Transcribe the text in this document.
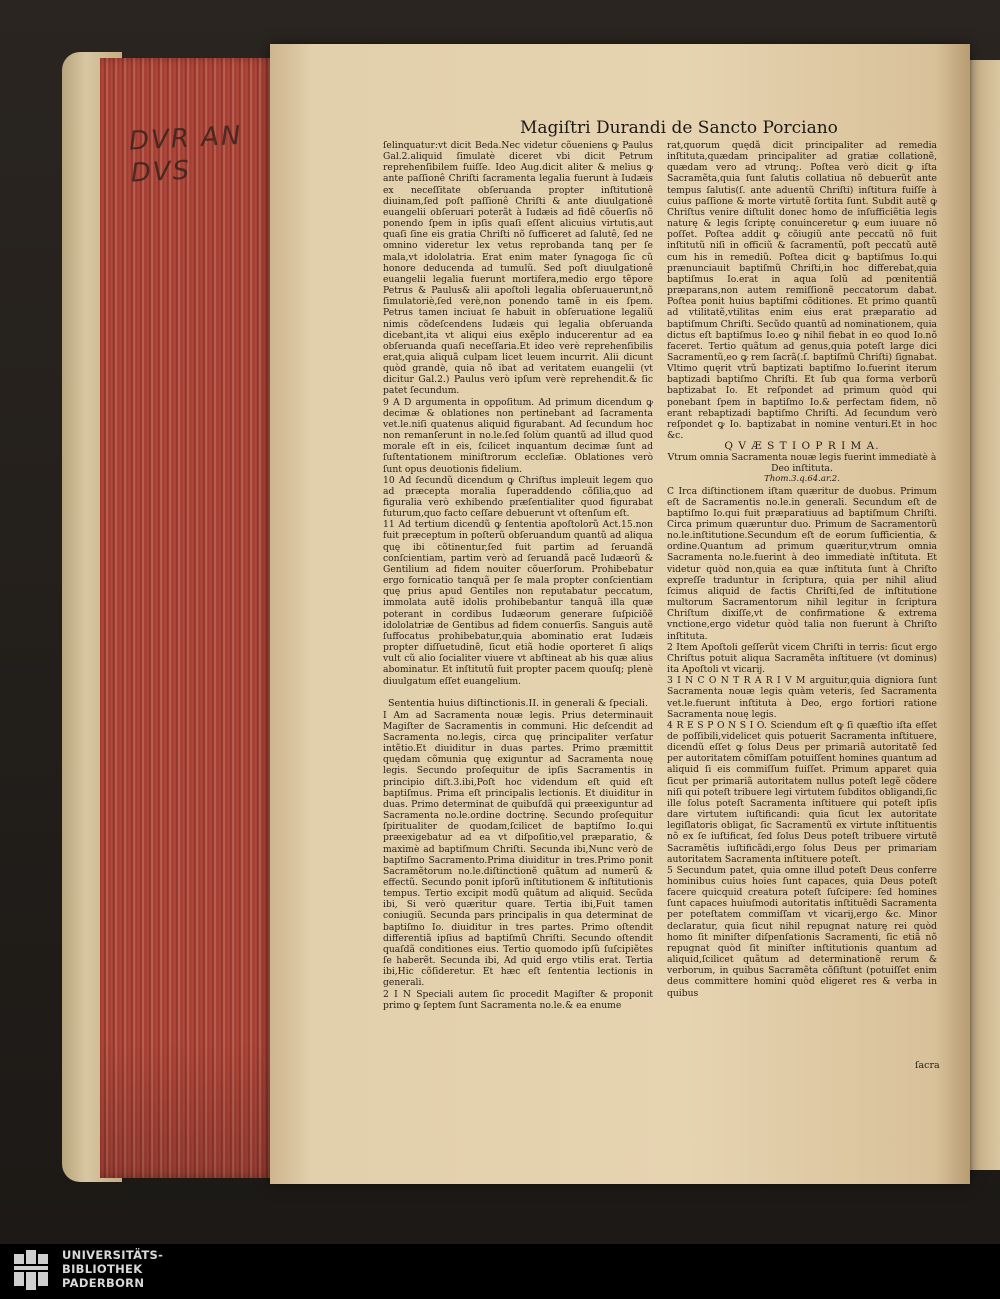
DVR AN DVS
Magiſtri Durandi de Sancto Porciano

ſelinquatur:vt dicit Beda.Nec videtur cõueniens ꝙ Paulus Gal.2.aliquid ſimulatè diceret vbi dicit Petrum reprehenſibilem fuiſſe. Ideo Aug.dicit aliter & melius ꝙ ante paſſionê Chriſti ſacramenta legalia fuerunt à Iudæis ex neceſſitate obſeruanda propter inſtitutionê diuinam,ſed poſt paſſionê Chriſti & ante diuulgationê euangelii obſeruari poterãt à Iudæis ad fidê cõuerſis nõ ponendo ſpem in ipſis quaſi eſſent alicuius virtutis,aut quaſi ſine eis gratia Chriſti nõ ſufficeret ad ſalutê, ſed ne omnino videretur lex vetus reprobanda tanꝗ per ſe mala,vt idololatria. Erat enim mater ſynagoga ſic cũ honore deducenda ad tumulũ. Sed poſt diuulgationê euangelii legalia fuerunt mortifera,medio ergo tẽpore Petrus & Paulus& alii apoſtoli legalia obſeruauerunt,nõ ſimulatoriè,ſed verè,non ponendo tamẽ in eis ſpem. Petrus tamen inciuat ſe habuit in obſeruatione legaliũ nimis cõdeſcendens Iudæis qui legalia obſeruanda dicebant,ita vt aliqui eius exẽplo inducerentur ad ea obſeruanda quaſi neceſſaria.Et ideo verè reprehenſibilis erat,quia aliquã culpam licet leuem incurrit. Alii dicunt quòd grandè, quia nõ ibat ad veritatem euangelii (vt dicitur Gal.2.) Paulus verò ipſum verè reprehendit.& ſic patet ſecundum.

9 A D argumenta in oppoſitum. Ad primum dicendum ꝙ decimæ & oblationes non pertinebant ad ſacramenta vet.le.niſi quatenus aliquid figurabant. Ad ſecundum hoc non remanſerunt in no.le.ſed ſolùm quantũ ad illud quod morale eſt in eis, ſcilicet inquantum decimæ ſunt ad ſuſtentationem miniſtrorum eccleſiæ. Oblationes verò ſunt opus deuotionis fidelium.

10 Ad ſecundũ dicendum ꝙ Chriſtus impleuit legem quo ad præcepta moralia ſuperaddendo cõſilia,quo ad figuralia verò exhibendo præſentialiter quod figurabat futurum,quo facto ceſſare debuerunt vt oſtenſum eſt.

11 Ad tertium dicendũ ꝙ ſententia apoſtolorũ Act.15.non fuit præceptum in poſterũ obſeruandum quantũ ad aliqua quę ibi cõtinentur,ſed fuit partim ad ſeruandã conſcientiam, partim verò ad ſeruandã pacẽ Iudæorũ & Gentilium ad fidem nouiter cõuerſorum. Prohibebatur ergo fornicatio tanquã per ſe mala propter conſcientiam quę prius apud Gentiles non reputabatur peccatum, immolata autẽ idolis prohibebantur tanquã illa quæ poterant in cordibus Iudæorum generare ſuſpiciõẽ idololatriæ de Gentibus ad fidem conuerſis. Sanguis autẽ ſuffocatus prohibebatur,quia abominatio erat Iudæis propter diſſuetudinẽ, ſicut etiã hodie oporteret ſi aliqs vult cũ alio ſocialiter viuere vt abſtineat ab his quæ alius abominatur. Et inſtitutũ fuit propter pacem quouſq; plenè diuulgatum eſſet euangelium.

Sententia huius diſtinctionis.II. in generali & ſpeciali.

I Am ad Sacramenta nouæ legis. Prius determinauit Magiſter de Sacramentis in communi. Hic deſcendit ad Sacramenta no.legis, circa quę principaliter verſatur intẽtio.Et diuiditur in duas partes. Primo præmittit quędam cõmunia quę exiguntur ad Sacramenta nouę legis. Secundo proſequitur de ipſis Sacramentis in principio diſt.3.ibi,Poſt hoc videndum eſt quid eſt baptiſmus. Prima eſt principalis lectionis. Et diuiditur in duas. Primo determinat de quibuſdã qui præexiguntur ad Sacramenta no.le.ordine doctrinę. Secundo proſequitur ſpiritualiter de quodam,ſcilicet de baptiſmo Io.qui præexigebatur ad ea vt diſpoſitio,vel præparatio, & maximè ad baptiſmum Chriſti. Secunda ibi,Nunc verò de baptiſmo Sacramento.Prima diuiditur in tres.Primo ponit Sacramẽtorum no.le.diſtinctionẽ quãtum ad numerũ & effectũ. Secundo ponit ipſorũ inſtitutionem & inſtitutionis tempus. Tertio excipit modũ quãtum ad aliquid. Secũda ibi, Si verò quæritur quare. Tertia ibi,Fuit tamen coniugiũ. Secunda pars principalis in qua determinat de baptiſmo Io. diuiditur in tres partes. Primo oſtendit differentiã ipſius ad baptiſmũ Chriſti. Secundo oſtendit quaſdã conditiones eius. Tertio quomodo ipſũ ſuſcipiẽtes ſe haberẽt. Secunda ibi, Ad quid ergo vtilis erat. Tertia ibi,Hic cõſideretur. Et hæc eſt ſententia lectionis in generali.

2 I N Speciali autem ſic procedit Magiſter & proponit primo ꝙ ſeptem ſunt Sacramenta no.le.& ea enume

rat,quorum quędã dicit principaliter ad remedia inſtituta,quædam principaliter ad gratiæ collationẽ, quædam vero ad vtrunq;. Poſtea verò dicit ꝙ iſta Sacramẽta,quia ſunt ſalutis collatiua nõ debuerũt ante tempus ſalutis(ſ. ante aduentũ Chriſti) inſtitura fuiſſe à cuius paſſione & morte virtutẽ ſortita ſunt. Subdit autẽ ꝙ Chriſtus venire diſtulit donec homo de inſufficiẽtia legis naturę & legis ſcriptę conuinceretur ꝙ eum iuuare nõ poſſet. Poſtea addit ꝙ cõiugiũ ante peccatũ nõ fuit inſtitutũ niſi in officiũ & ſacramentũ, poſt peccatũ autẽ cum his in remediũ. Poſtea dicit ꝙ baptiſmus Io.qui prænunciauit baptiſmũ Chriſti,in hoc differebat,quia baptiſmus Io.erat in aqua ſolũ ad pœnitentiã præparans,non autem remiſſionẽ peccatorum dabat. Poſtea ponit huius baptiſmi cõditiones. Et primo quantũ ad vtilitatẽ,vtilitas enim eius erat præparatio ad baptiſmum Chriſti. Secũdo quantũ ad nominationem, quia dictus eſt baptiſmus Io.eo ꝙ nihil fiebat in eo quod Io.nõ faceret. Tertio quãtum ad genus,quia poteſt large dici Sacramentũ,eo ꝙ rem ſacrã(.ſ. baptiſmũ Chriſti) ſignabat. Vltimo quęrit vtrũ baptizati baptiſmo Io.fuerint iterum baptizadi baptiſmo Chriſti. Et ſub qua forma verborũ baptizabat Io. Et reſpondet ad primum quòd qui ponebant ſpem in baptiſmo Io.& perfectam fidem, nõ erant rebaptizadi baptiſmo Chriſti. Ad ſecundum verò reſpondet ꝙ Io. baptizabat in nomine venturi.Et in hoc &c.

Q V Æ S T I O P R I M A.

Vtrum omnia Sacramenta nouæ legis fuerint immediatè à Deo inſtituta.

Thom.3.q.64.ar.2.

C Irca diſtinctionem iſtam quæritur de duobus. Primum eſt de Sacramentis no.le.in generali. Secundum eſt de baptiſmo Io.qui fuit præparatiuus ad baptiſmum Chriſti. Circa primum quæruntur duo. Primum de Sacramentorũ no.le.inſtitutione.Secundum eſt de eorum ſufficientia, & ordine.Quantum ad primum quæritur,vtrum omnia Sacramenta no.le.fuerint à deo immediatè inſtituta. Et videtur quòd non,quia ea quæ inſtituta ſunt à Chriſto expreſſe traduntur in ſcriptura, quia per nihil aliud ſcimus aliquid de factis Chriſti,ſed de inſtitutione multorum Sacramentorum nihil legitur in ſcriptura Chriſtum dixiſſe,vt de confirmatione & extrema vnctione,ergo videtur quòd talia non fuerunt à Chriſto inſtituta.

2 Item Apoſtoli geſſerũt vicem Chriſti in terris: ſicut ergo Chriſtus potuit aliqua Sacramẽta inſtituere (vt dominus) ita Apoſtoli vt vicarij.

3 I N C O N T R A R I V M arguitur,quia digniora ſunt Sacramenta nouæ legis quàm veteris, ſed Sacramenta vet.le.fuerunt inſtituta à Deo, ergo fortiori ratione Sacramenta nouę legis.

4 R E S P O N S I O. Sciendum eſt ꝙ ſi quæſtio iſta eſſet de poſſibili,videlicet quis potuerit Sacramenta inſtituere, dicendũ eſſet ꝙ ſolus Deus per primariã autoritatẽ ſed per autoritatem cõmiſſam potuiſſent homines quantum ad aliquid ſi eis commiſſum fuiſſet. Primum apparet quia ſicut per primariã autoritatem nullus poteſt legẽ cõdere niſi qui poteſt tribuere legi virtutem ſubditos obligandi,ſic ille ſolus poteſt Sacramenta inſtituere qui poteſt ipſis dare virtutem iuſtificandi: quia ſicut lex autoritate legiſlatoris obligat, ſic Sacramentũ ex virtute inſtituentis nõ ex ſe iuſtificat, ſed ſolus Deus poteſt tribuere virtutẽ Sacramẽtis iuſtificãdi,ergo ſolus Deus per primariam autoritatem Sacramenta inſtituere poteſt.

5 Secundum patet, quia omne illud poteſt Deus conferre hominibus cuius hoies ſunt capaces, quia Deus poteſt facere quicquid creatura poteſt ſuſcipere: ſed homines ſunt capaces huiuſmodi autoritatis inſtituẽdi Sacramenta per poteſtatem commiſſam vt vicarij,ergo &c. Minor declaratur, quia ſicut nihil repugnat naturę rei quòd homo ſit miniſter diſpenſationis Sacramenti, ſic etiã nõ repugnat quòd ſit miniſter inſtitutionis quantum ad aliquid,ſcilicet quãtum ad determinationẽ rerum & verborum, in quibus Sacramẽta cõſiſtunt (potuiſſet enim deus committere homini quòd eligeret res & verba in quibus

ſacra
UNIVERSITÄTS-
BIBLIOTHEK
PADERBORN
